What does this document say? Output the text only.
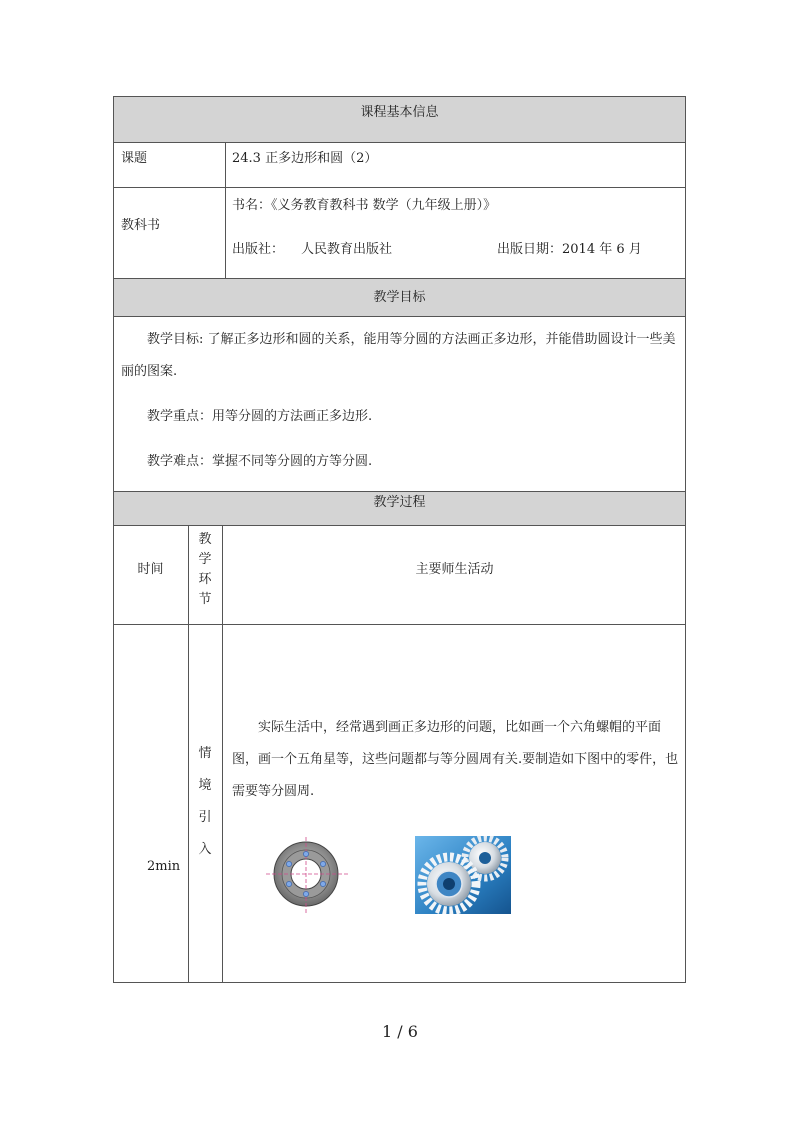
课程基本信息
课题	24.3 正多边形和圆（2）
教科书
书名：《义务教育教科书 数学（九年级上册）》
出版社： 人民教育出版社	出版日期：2014 年 6 月
教学目标
教学目标: 了解正多边形和圆的关系，能用等分圆的方法画正多边形，并能借助圆设计一些美丽的图案.
教学重点：用等分圆的方法画正多边形.
教学难点：掌握不同等分圆的方等分圆.
教学过程
时间
教学环节
主要师生活动
2min
情境引入
实际生活中，经常遇到画正多边形的问题，比如画一个六角螺帽的平面图，画一个五角星等，这些问题都与等分圆周有关.要制造如下图中的零件，也需要等分圆周.
1 / 6
